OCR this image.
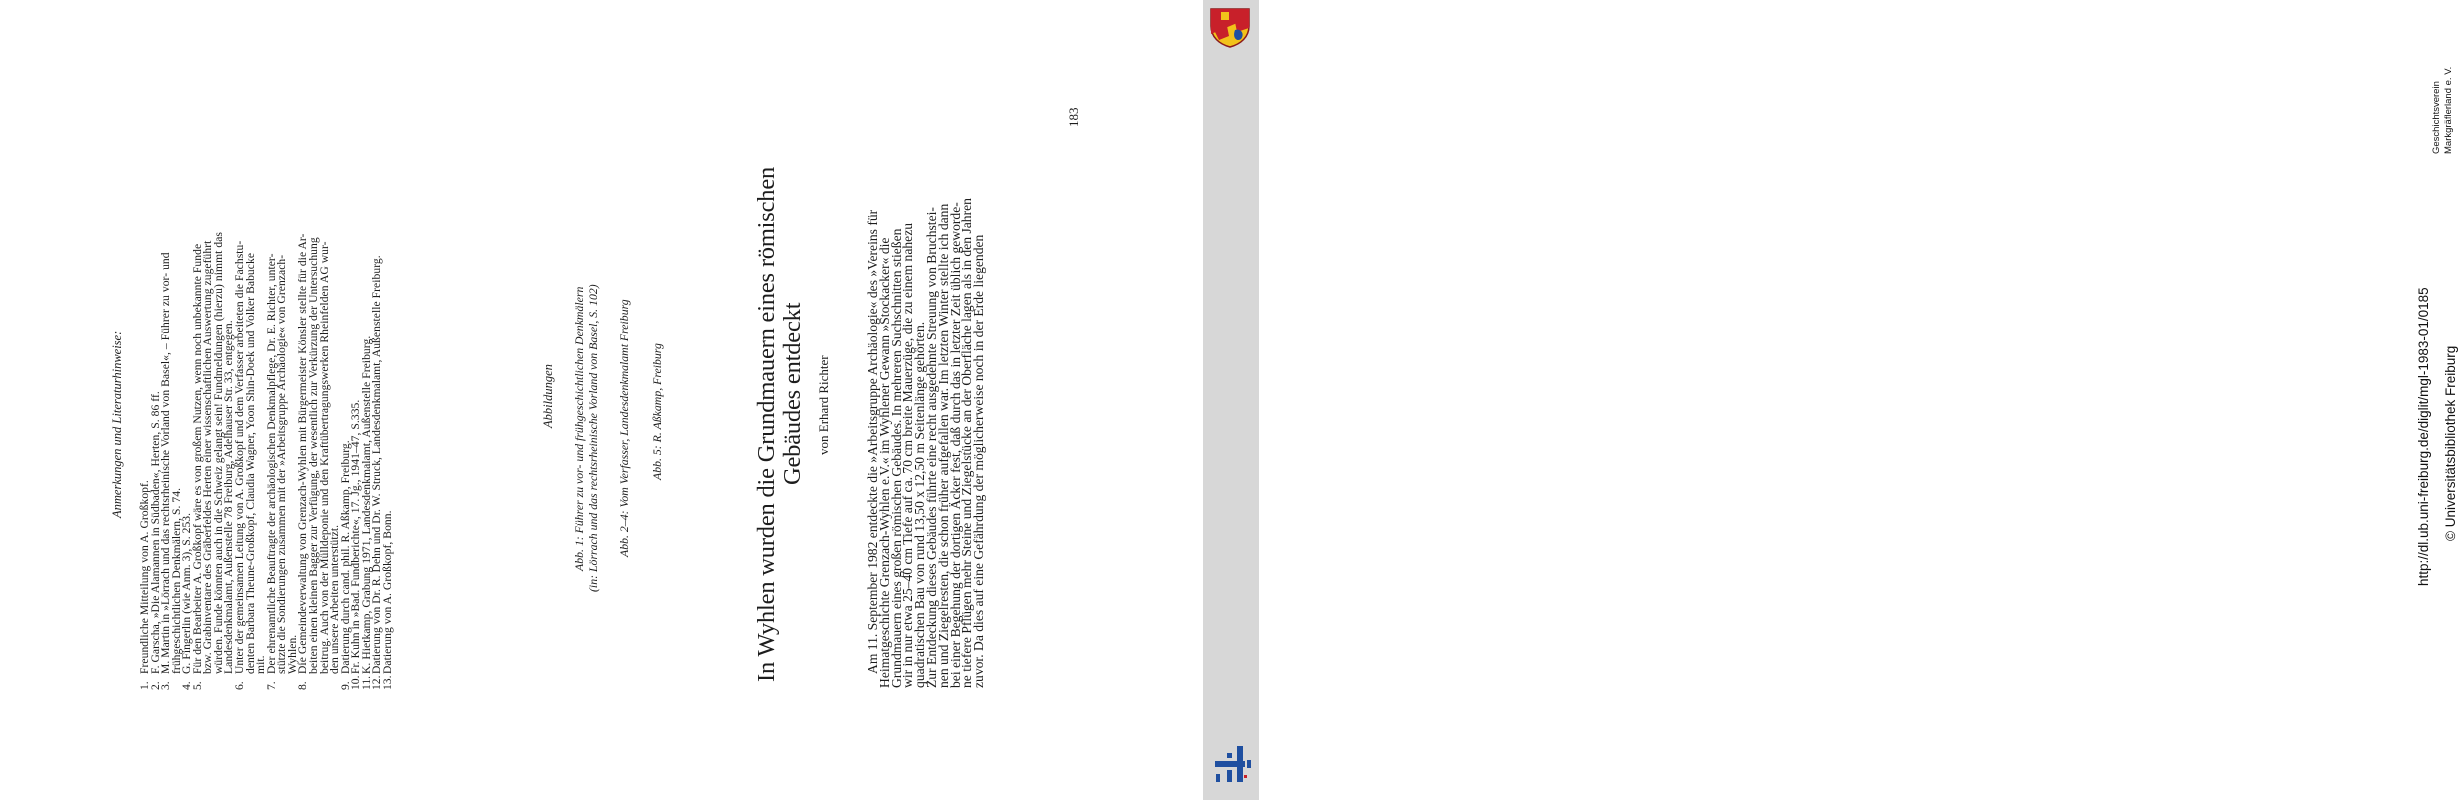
Anmerkungen und Literaturhinweise:
1.
Freundliche Mitteilung von A. Großkopf.
2.
F. Garscha, »Die Alamannen in Südbaden«, Herten, S. 86 ff.
3.
M. Martin in »Lörrach und das rechtsrheinische Vorland von Basel«, – Führer zu vor- und
frühgeschichtlichen Denkmälern, S. 74.
4.
G. Fingerlin (wie Anm. 3), S. 253.
5.
Für den Bearbeiter A. Großkopf wäre es von großem Nutzen, wenn noch unbekannte Funde
bzw. Grabinventare des Gräberfeldes Herten einer wissenschaftlichen Auswertung zugeführt
würden. Funde könnten auch in die Schweiz gelangt sein! Fundmeldungen (hierzu) nimmt das
Landesdenkmalamt, Außenstelle 78 Freiburg, Adelhauser Str. 33, entgegen.
6.
Unter der gemeinsamen Leitung von A. Großkopf und dem Verfasser arbeiteten die Fachstu-
denten Barbara Theune-Großkopf, Claudia Wagner, Yoon Shin-Doek und Volker Babucke
mit.
7.
Der ehrenamtliche Beauftragte der archäologischen Denkmalpflege, Dr. E. Richter, unter-
stützte die Sondierungen zusammen mit der »Arbeitsgruppe Archäologie« von Grenzach-
Wyhlen.
8.
Die Gemeindeverwaltung von Grenzach-Wyhlen mit Bürgermeister Könsler stellte für die Ar-
beiten einen kleinen Bagger zur Verfügung, der wesentlich zur Verkürzung der Untersuchung
beitrug. Auch von der Mülldeponie und den Kraftübertragungswerken Rheinfelden AG wur-
den unsere Arbeiten unterstützt.
9.
Datierung durch cand. phil. R. Aßkamp, Freiburg.
10.
Fr. Kuhn in »Bad. Fundberichte«, 17. Jg., 1941–47, S.335.
11.
K. Hietkamp, Grabung 1971, Landesdenkmalamt, Außenstelle Freiburg.
12.
Datierung von Dr. R. Dehn und Dr. W. Struck, Landesdenkmalamt, Außenstelle Freiburg.
13.
Datierung von A. Großkopf, Bonn.
Abbildungen Abb. 1: Führer zu vor- und frühgeschichtlichen Denkmälern (in: Lörrach und das rechtsrheinische Vorland von Basel, S. 102) Abb. 2–4: Vom Verfasser, Landesdenkmalamt Freiburg Abb. 5: R. Aßkamp, Freiburg	In Wyhlen wurden die Grundmauern eines römischen Gebäudes entdeckt von Erhard Richter	Am 11. September 1982 entdeckte die »Arbeitsgruppe Archäologie« des »Vereins für
Heimatgeschichte Grenzach-Wyhlen e.V.« im Wyhlener Gewann »Stockacker« die
Grundmauern eines großen römischen Gebäudes. In mehreren Suchschnitten stießen
wir in nur etwa 25–40 cm Tiefe auf ca. 70 cm breite Mauerzüge, die zu einem nahezu
quadratischen Bau von rund 13,50 x 12,50 m Seitenlänge gehörten.
Zur Entdeckung dieses Gebäudes führte eine recht ausgedehnte Streuung von Bruchstei-
nen und Ziegelresten, die schon früher aufgefallen war. Im letzten Winter stellte ich dann
bei einer Begehung der dortigen Äcker fest, daß durch das in letzter Zeit üblich geworde-
ne tiefere Pflügen mehr Steine und Ziegelstücke an der Oberfläche lagen als in den Jahren
zuvor. Da dies auf eine Gefährdung der möglicherweise noch in der Erde liegenden
183	Geschichtsverein Markgräflerland e. V.
http://dl.ub.uni-freiburg.de/diglit/mgl-1983-01/0185 © Universitätsbibliothek Freiburg
